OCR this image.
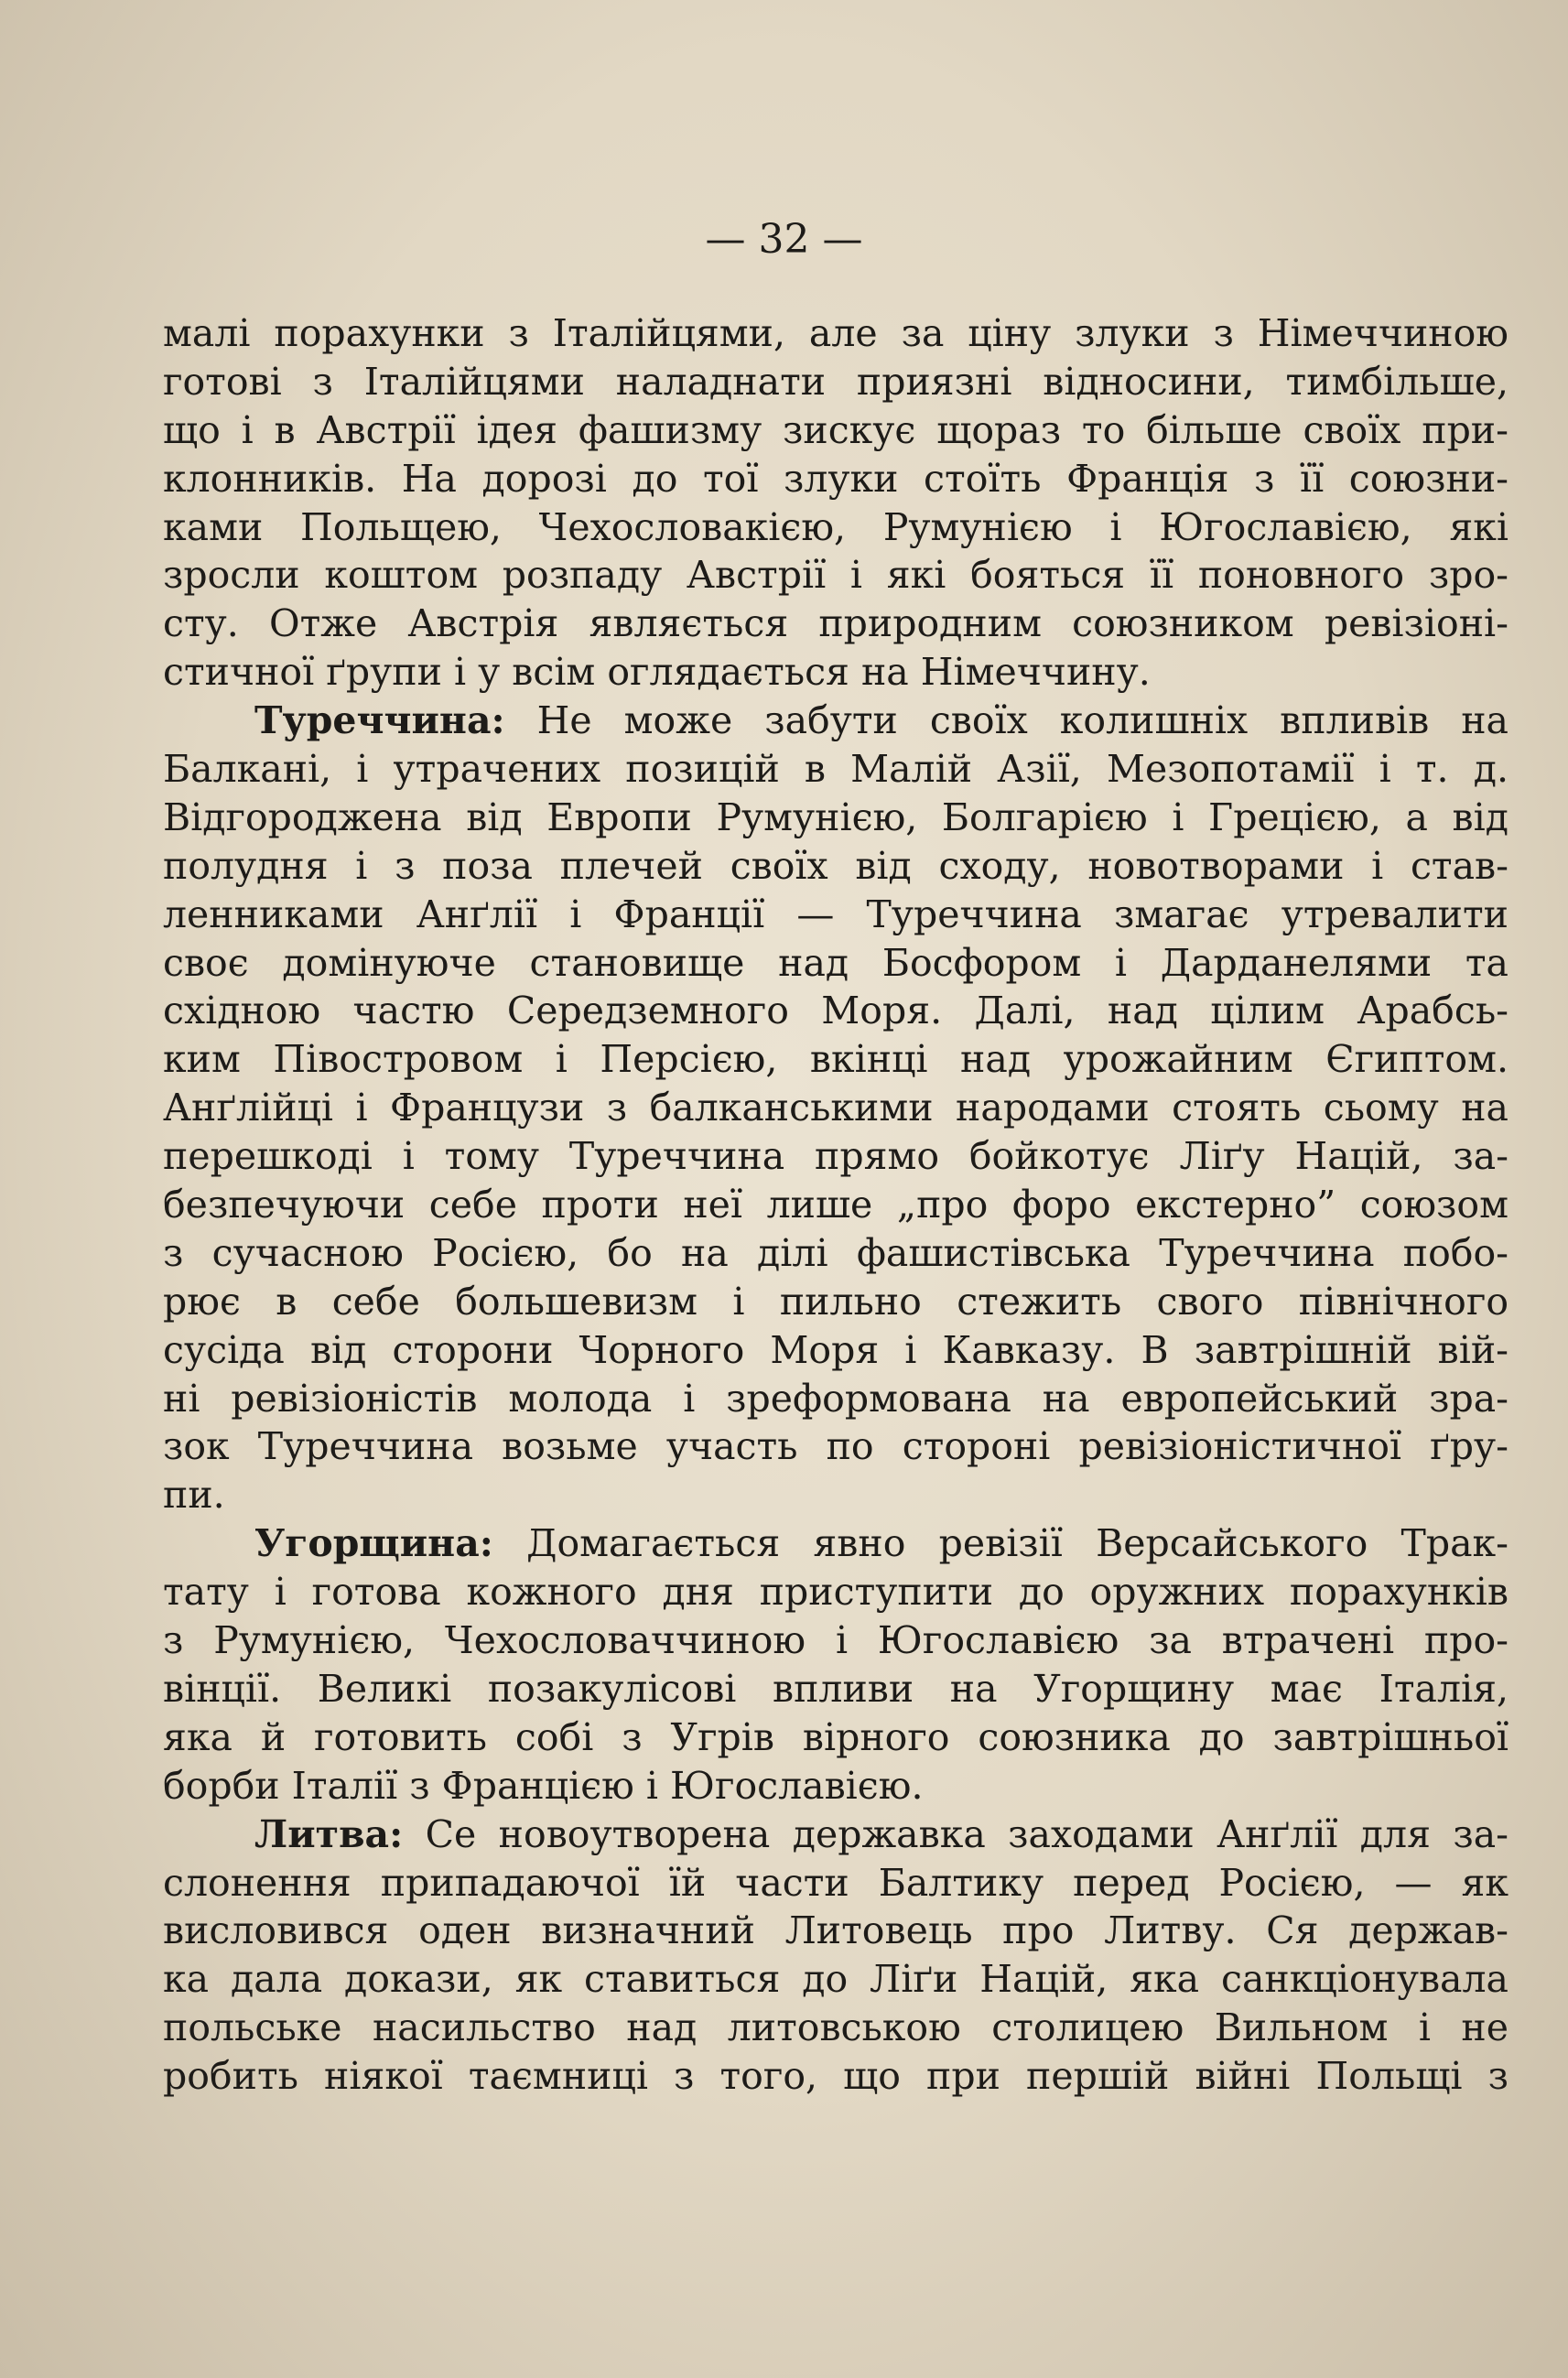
— 32 —
малі порахунки з Італійцями, але за ціну злуки з Німеччиною
готові з Італійцями наладнати приязні відносини, тимбільше,
що і в Австрії ідея фашизму зискує щораз то більше своїх при-
клонників. На дорозі до тої злуки стоїть Франція з її союзни-
ками Польщею, Чехословакією, Румунією і Югославією, які
зросли коштом розпаду Австрії і які бояться її поновного зро-
сту. Отже Австрія являється природним союзником ревізіоні-
стичної ґрупи і у всім оглядається на Німеччину.
Туреччина: Не може забути своїх колишніх впливів на
Балкані, і утрачених позицій в Малій Азії, Мезопотамії і т. д.
Відгороджена від Европи Румунією, Болгарією і Грецією, а від
полудня і з поза плечей своїх від сходу, новотворами і став-
ленниками Анґлії і Франції — Туреччина змагає утревалити
своє домінуюче становище над Босфором і Дарданелями та
східною частю Середземного Моря. Далі, над цілим Арабсь-
ким Півостровом і Персією, вкінці над урожайним Єгиптом.
Анґлійці і Французи з балканськими народами стоять сьому на
перешкоді і тому Туреччина прямо бойкотує Ліґу Націй, за-
безпечуючи себе проти неї лише „про форо екстерно” союзом
з сучасною Росією, бо на ділі фашистівська Туреччина побо-
рює в себе большевизм і пильно стежить свого північного
сусіда від сторони Чорного Моря і Кавказу. В завтрішній вій-
ні ревізіоністів молода і зреформована на европейський зра-
зок Туреччина возьме участь по стороні ревізіоністичної ґру-
пи.
Угорщина: Домагається явно ревізії Версайського Трак-
тату і готова кожного дня приступити до оружних порахунків
з Румунією, Чехословаччиною і Югославією за втрачені про-
вінції. Великі позакулісові впливи на Угорщину має Італія,
яка й готовить собі з Угрів вірного союзника до завтрішньої
борби Італії з Францією і Югославією.
Литва: Се новоутворена державка заходами Анґлії для за-
слонення припадаючої їй части Балтику перед Росією, — як
висловився оден визначний Литовець про Литву. Ся держав-
ка дала докази, як ставиться до Ліґи Націй, яка санкціонувала
польське насильство над литовською столицею Вильном і не
робить ніякої таємниці з того, що при першій війні Польщі з
